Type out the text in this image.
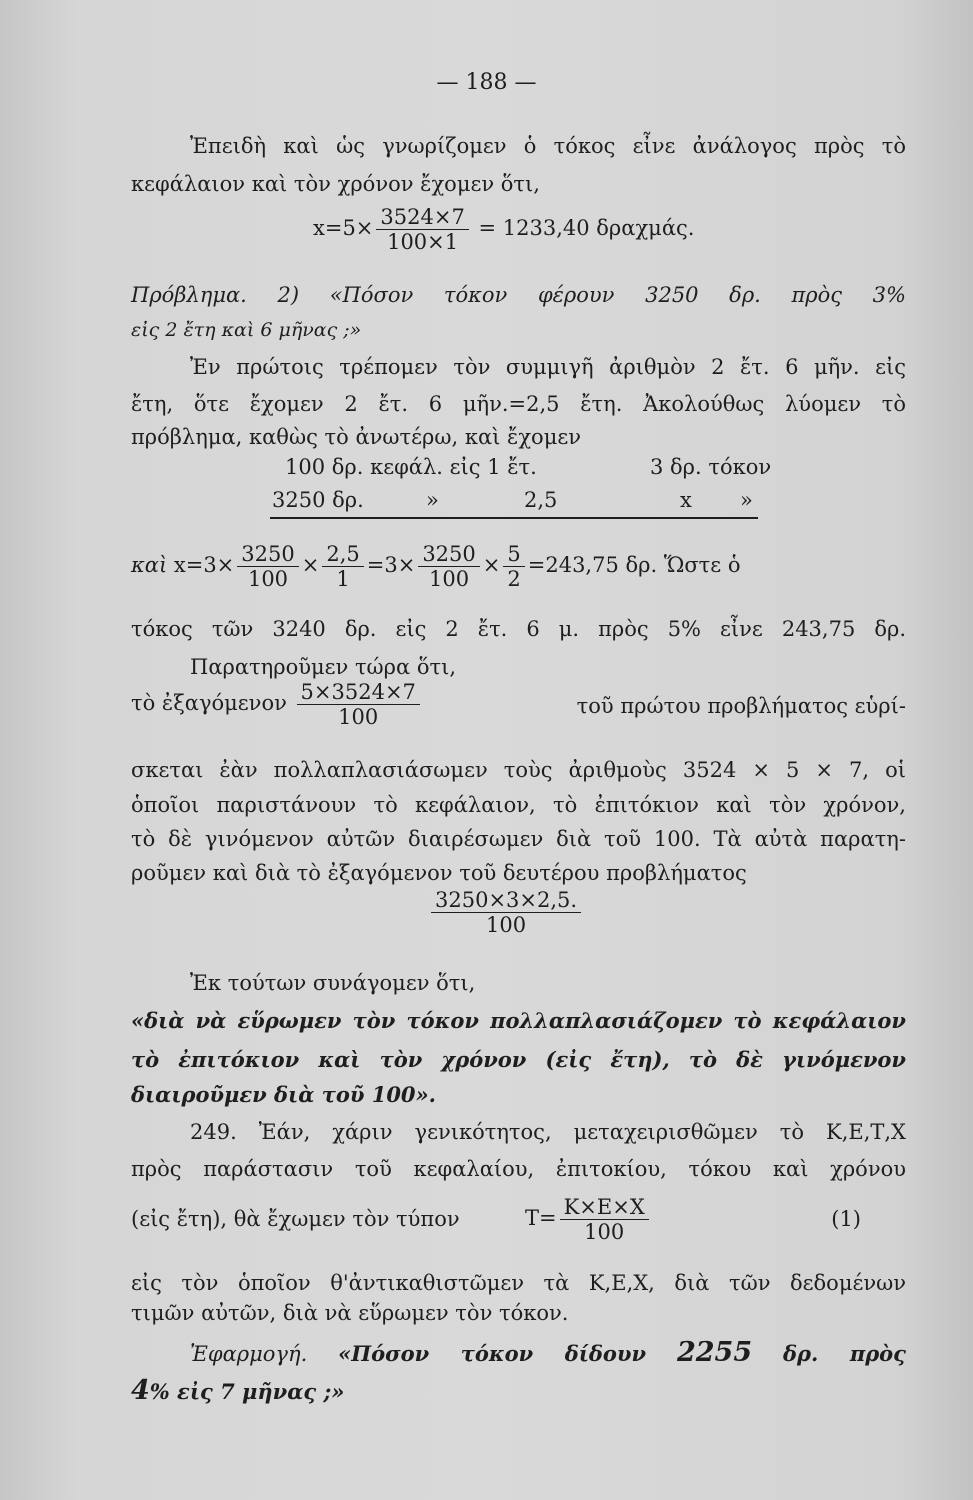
— 188 —
Ἐπειδὴ καὶ ὡς γνωρίζομεν ὁ τόκος εἶνε ἀνάλογος πρὸς τὸ
κεφάλαιον καὶ τὸν χρόνον ἔχομεν ὅτι,
$x=5\times \frac{3524\times 7}{100\times 1} = 1233,40$ δραχμάς.
Πρόβλημα. 2) «Πόσον τόκον φέρουν 3250 δρ. πρὸς 3%
εἰς 2 ἔτη καὶ 6 μῆνας ;»
Ἐν πρώτοις τρέπομεν τὸν συμμιγῆ ἀριθμὸν 2 ἔτ. 6 μῆν. εἰς
ἔτη, ὅτε ἔχομεν 2 ἔτ. 6 μῆν.=2,5 ἔτη. Ἀκολούθως λύομεν τὸ
πρόβλημα, καθὼς τὸ ἀνωτέρω, καὶ ἔχομεν
100 δρ. κεφάλ. εἰς 1 ἔτ.	3 δρ. τόκον
3250 δρ.	»	2,5	x »
καὶ $x=3\times \frac{3250}{100} \times \frac{2,5}{1} =3\times \frac{3250}{100} \times \frac{5}{2} =243,75$ δρ. Ὥστε ὁ
τόκος τῶν 3240 δρ. εἰς 2 ἔτ. 6 μ. πρὸς 5% εἶνε 243,75 δρ.
Παρατηροῦμεν τώρα ὅτι,
τὸ ἐξαγόμενον $\frac{5\times 3524\times 7}{100}$	τοῦ πρώτου προβλήματος εὑρί-
σκεται ἐὰν πολλαπλασιάσωμεν τοὺς ἀριθμοὺς 3524 × 5 × 7, οἱ
ὁποῖοι παριστάνουν τὸ κεφάλαιον, τὸ ἐπιτόκιον καὶ τὸν χρόνον,
τὸ δὲ γινόμενον αὐτῶν διαιρέσωμεν διὰ τοῦ 100. Τὰ αὐτὰ παρατη-
ροῦμεν καὶ διὰ τὸ ἐξαγόμενον τοῦ δευτέρου προβλήματος
$\frac{3250\times 3\times 2,5.}{100}$
Ἐκ τούτων συνάγομεν ὅτι,
«διὰ νὰ εὕρωμεν τὸν τόκον πολλαπλασιάζομεν τὸ κεφάλαιον
τὸ ἐπιτόκιον καὶ τὸν χρόνον (εἰς ἔτη), τὸ δὲ γινόμενον
διαιροῦμεν διὰ τοῦ 100».
249. Ἐάν, χάριν γενικότητος, μεταχειρισθῶμεν τὸ Κ,Ε,Τ,Χ
πρὸς παράστασιν τοῦ κεφαλαίου, ἐπιτοκίου, τόκου καὶ χρόνου
(εἰς ἔτη), θὰ ἔχωμεν τὸν τύπον	$T= \frac{K\times E\times X}{100}$	(1)
εἰς τὸν ὁποῖον θ'ἀντικαθιστῶμεν τὰ Κ,Ε,Χ, διὰ τῶν δεδομένων
τιμῶν αὐτῶν, διὰ νὰ εὕρωμεν τὸν τόκον.
Ἐφαρμογή. «Πόσον τόκον δίδουν 2255 δρ. πρὸς
4% εἰς 7 μῆνας ;»
